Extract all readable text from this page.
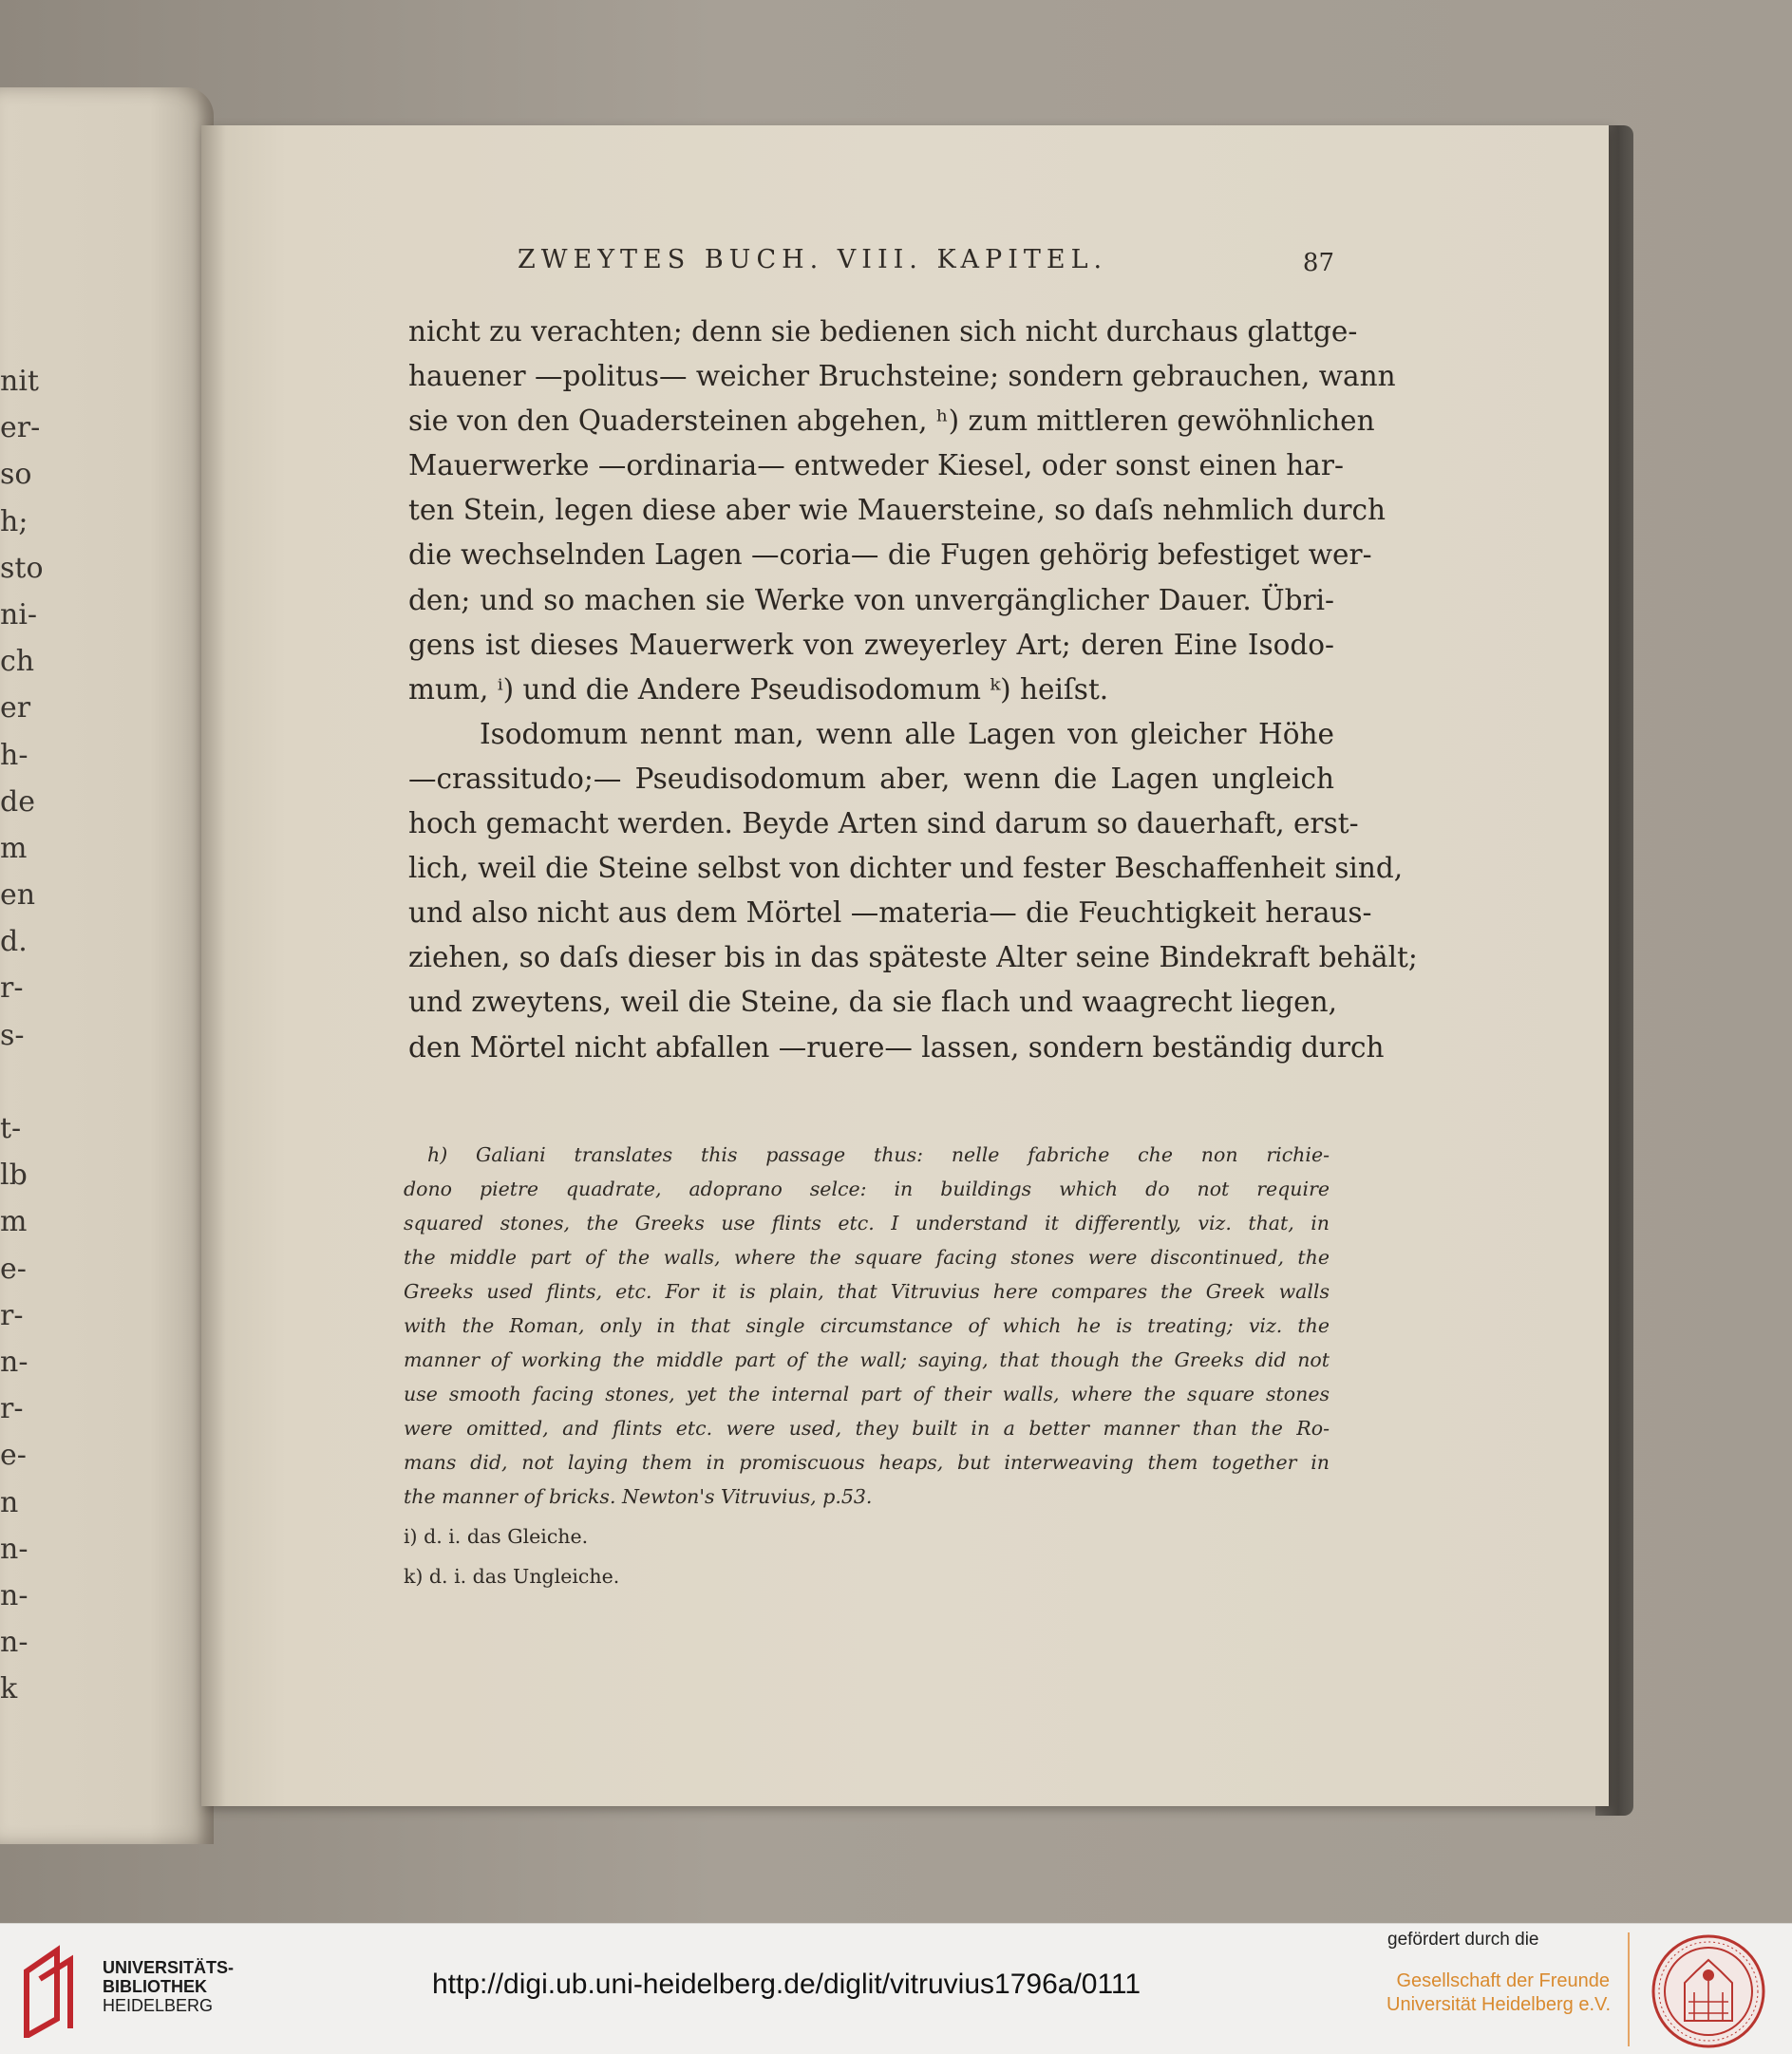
nit
er-
so
h;
sto
ni-
ch
er
h-
de
m
en
d.
r-
s-
t-
lb
m
e-
r-
n-
r-
e-
n
n-
n-
n-
k
ZWEYTES BUCH. VIII. KAPITEL.	87
nicht zu verachten; denn sie bedienen sich nicht durchaus glattge-
hauener —politus— weicher Bruchsteine; sondern gebrauchen, wann
sie von den Quadersteinen abgehen, ʰ) zum mittleren gewöhnlichen
Mauerwerke —ordinaria— entweder Kiesel, oder sonst einen har-
ten Stein, legen diese aber wie Mauersteine, so daſs nehmlich durch
die wechselnden Lagen —coria— die Fugen gehörig befestiget wer-
den; und so machen sie Werke von unvergänglicher Dauer. Übri-
gens ist dieses Mauerwerk von zweyerley Art; deren Eine Isodo-
mum, ⁱ) und die Andere Pseudisodomum ᵏ) heiſst.
Isodomum nennt man, wenn alle Lagen von gleicher Höhe
—crassitudo;— Pseudisodomum aber, wenn die Lagen ungleich
hoch gemacht werden. Beyde Arten sind darum so dauerhaft, erst-
lich, weil die Steine selbst von dichter und fester Beschaffenheit sind,
und also nicht aus dem Mörtel —materia— die Feuchtigkeit heraus-
ziehen, so daſs dieser bis in das späteste Alter seine Bindekraft behält;
und zweytens, weil die Steine, da sie flach und waagrecht liegen,
den Mörtel nicht abfallen —ruere— lassen, sondern beständig durch
h) Galiani translates this passage thus: nelle fabriche che non richie-
dono pietre quadrate, adoprano selce: in buildings which do not require
squared stones, the Greeks use flints etc. I understand it differently, viz. that, in
the middle part of the walls, where the square facing stones were discontinued, the
Greeks used flints, etc. For it is plain, that Vitruvius here compares the Greek walls
with the Roman, only in that single circumstance of which he is treating; viz. the
manner of working the middle part of the wall; saying, that though the Greeks did not
use smooth facing stones, yet the internal part of their walls, where the square stones
were omitted, and flints etc. were used, they built in a better manner than the Ro-
mans did, not laying them in promiscuous heaps, but interweaving them together in
the manner of bricks. Newton's Vitruvius, p.53.
i) d. i. das Gleiche.
k) d. i. das Ungleiche.
UNIVERSITÄTS-
BIBLIOTHEK
HEIDELBERG
http://digi.ub.uni-heidelberg.de/diglit/vitruvius1796a/0111
gefördert durch die
Gesellschaft der Freunde
Universität Heidelberg e.V.
